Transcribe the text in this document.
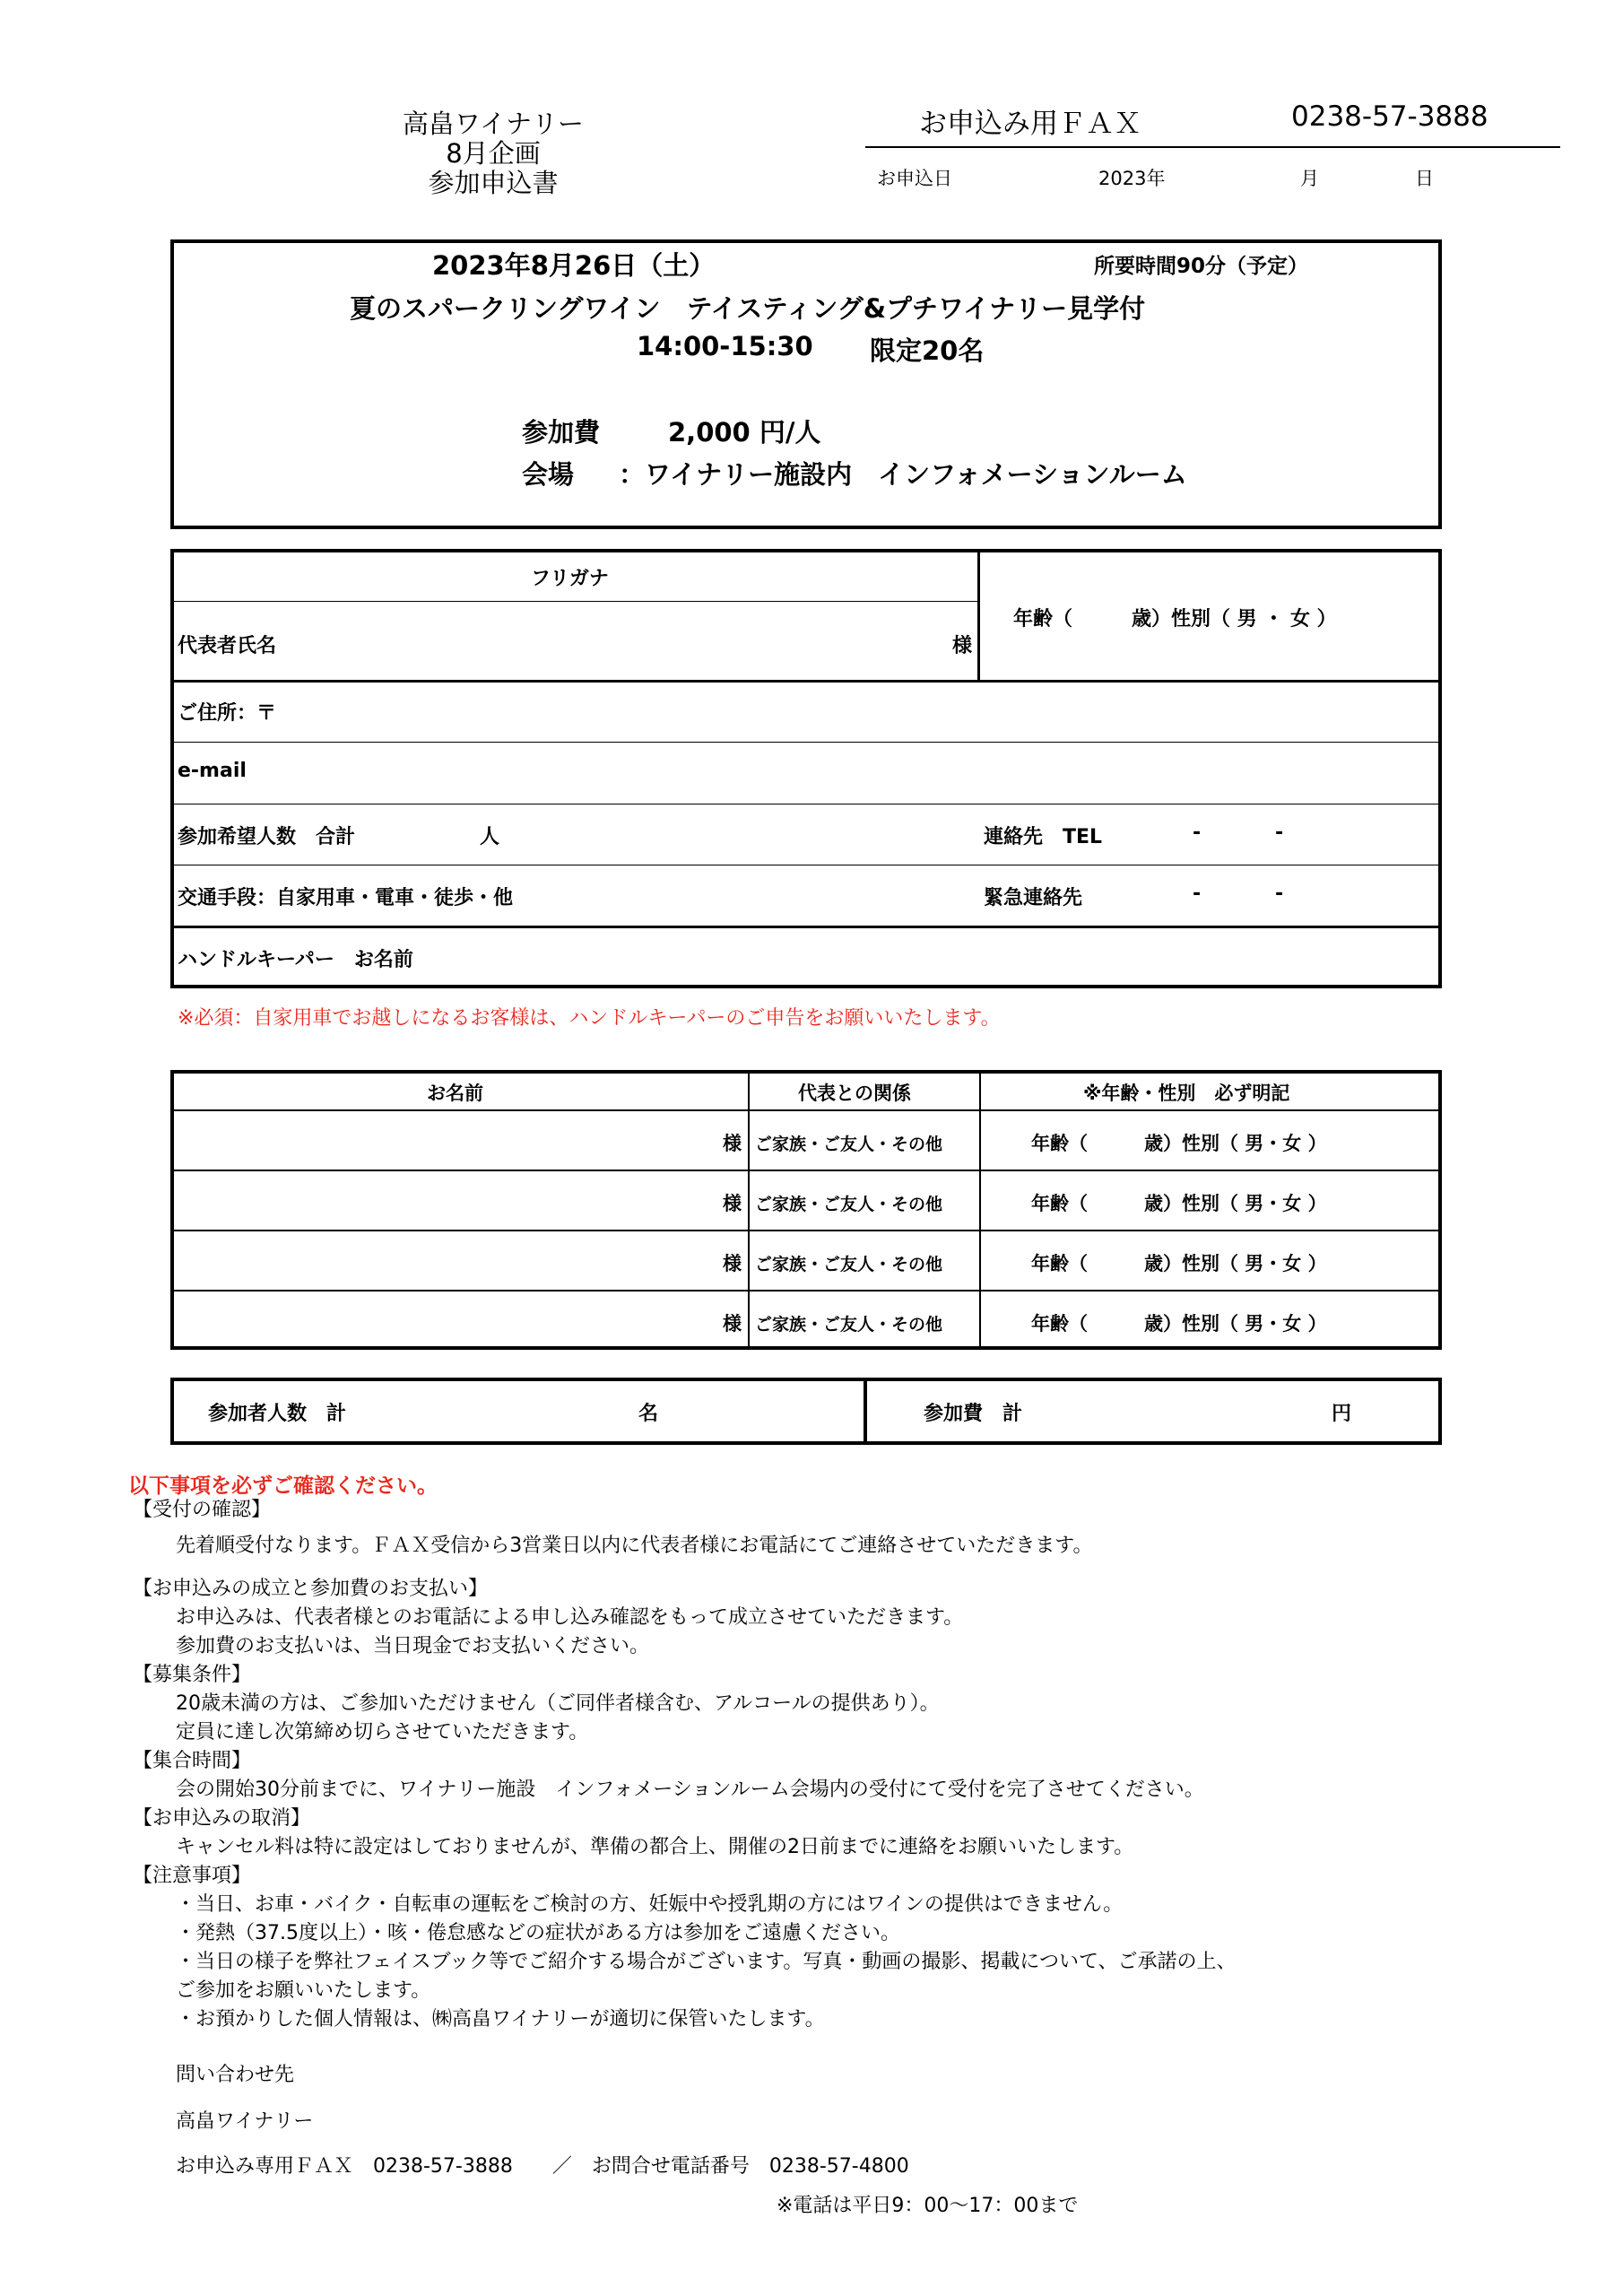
高畠ワイナリー
8月企画
参加申込書
お申込み用ＦＡＸ	0238-57-3888
お申込日	2023年	月	日
2023年8月26日（土）	所要時間90分（予定）
夏のスパークリングワイン　テイスティング&プチワイナリー見学付
14:00-15:30 限定20名
参加費	2,000 円/人
会場 ：ワイナリー施設内　インフォメーションルーム
フリガナ
代表者氏名	様
年齢（　　　歳）性別（ 男 ・ 女 ）
ご住所：〒
e-mail
参加希望人数　合計	人	連絡先　TEL	-	-
交通手段：自家用車・電車・徒歩・他	緊急連絡先	-	-
ハンドルキーパー　お名前
※必須：自家用車でお越しになるお客様は、ハンドルキーパーのご申告をお願いいたします。
お名前	代表との関係	※年齢・性別　必ず明記
様 ご家族・ご友人・その他	年齢（　　　歳）性別（ 男・女 ）
様 ご家族・ご友人・その他	年齢（　　　歳）性別（ 男・女 ）
様 ご家族・ご友人・その他	年齢（　　　歳）性別（ 男・女 ）
様 ご家族・ご友人・その他	年齢（　　　歳）性別（ 男・女 ）
参加者人数　計	名	参加費　計	円
以下事項を必ずご確認ください。
【受付の確認】
先着順受付なります。ＦＡＸ受信から3営業日以内に代表者様にお電話にてご連絡させていただきます。
【お申込みの成立と参加費のお支払い】
お申込みは、代表者様とのお電話による申し込み確認をもって成立させていただきます。
参加費のお支払いは、当日現金でお支払いください。
【募集条件】
20歳未満の方は、ご参加いただけません（ご同伴者様含む、アルコールの提供あり）。
定員に達し次第締め切らさせていただきます。
【集合時間】
会の開始30分前までに、ワイナリー施設　インフォメーションルーム会場内の受付にて受付を完了させてください。
【お申込みの取消】
キャンセル料は特に設定はしておりませんが、準備の都合上、開催の2日前までに連絡をお願いいたします。
【注意事項】
・当日、お車・バイク・自転車の運転をご検討の方、妊娠中や授乳期の方にはワインの提供はできません。
・発熱（37.5度以上）・咳・倦怠感などの症状がある方は参加をご遠慮ください。
・当日の様子を弊社フェイスブック等でご紹介する場合がございます。写真・動画の撮影、掲載について、ご承諾の上、
ご参加をお願いいたします。
・お預かりした個人情報は、㈱高畠ワイナリーが適切に保管いたします。
問い合わせ先
高畠ワイナリー
お申込み専用ＦＡＸ　0238-57-3888　　／　お問合せ電話番号　0238-57-4800
※電話は平日9：00～17：00まで
